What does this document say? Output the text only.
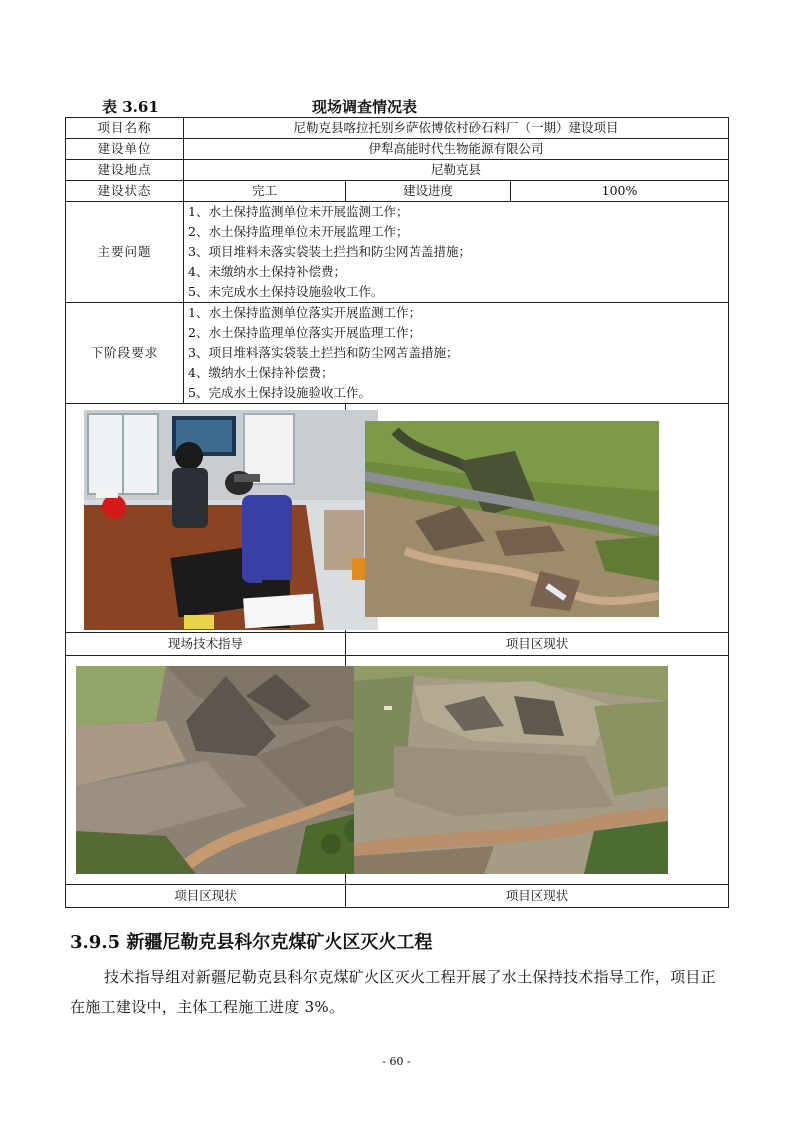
表 3.61	现场调查情况表
项目名称	尼勒克县喀拉托别乡萨依博依村砂石料厂（一期）建设项目		
建设单位	伊犁高能时代生物能源有限公司		
建设地点	尼勒克县		
建设状态	完工	建设进度	100%
主要问题	1、水土保持监测单位未开展监测工作；
2、水土保持监理单位未开展监理工作；
3、项目堆料未落实袋装土拦挡和防尘网苫盖措施；
4、未缴纳水土保持补偿费；
5、未完成水土保持设施验收工作。		

下阶段要求	1、水土保持监测单位落实开展监测工作；
2、水土保持监理单位落实开展监理工作；
3、项目堆料落实袋装土拦挡和防尘网苫盖措施；
4、缴纳水土保持补偿费；
5、完成水土保持设施验收工作。		

现场技术指导		项目区现状	

项目区现状		项目区现状	
3.9.5 新疆尼勒克县科尔克煤矿火区灭火工程
技术指导组对新疆尼勒克县科尔克煤矿火区灭火工程开展了水土保持技术指导工作，项目正在施工建设中，主体工程施工进度 3%。
- 60 -
